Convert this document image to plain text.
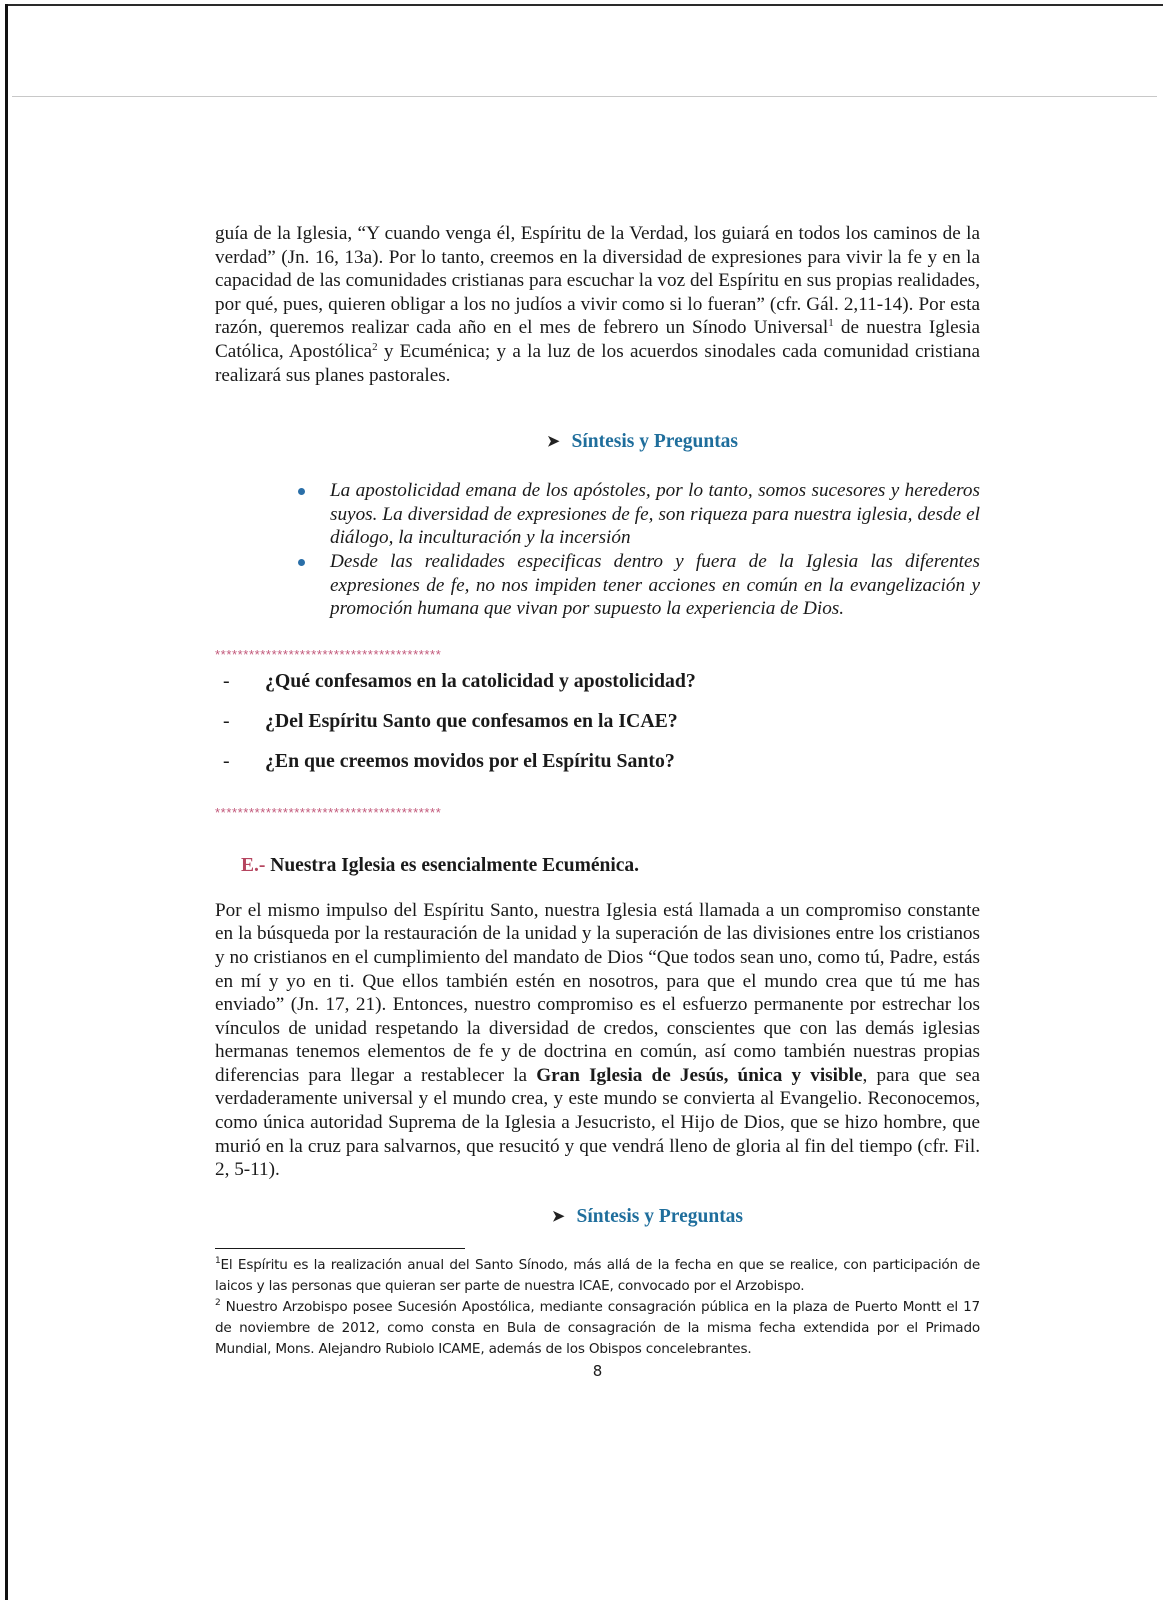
guía de la Iglesia, “Y cuando venga él, Espíritu de la Verdad, los guiará en todos los caminos de la verdad” (Jn. 16, 13a). Por lo tanto, creemos en la diversidad de expresiones para vivir la fe y en la capacidad de las comunidades cristianas para escuchar la voz del Espíritu en sus propias realidades, por qué, pues, quieren obligar a los no judíos a vivir como si lo fueran” (cfr. Gál. 2,11-14). Por esta razón, queremos realizar cada año en el mes de febrero un Sínodo Universal$^1$ de nuestra Iglesia Católica, Apostólica$^2$ y Ecuménica; y a la luz de los acuerdos sinodales cada comunidad cristiana realizará sus planes pastorales.

➤ Síntesis y Preguntas

La apostolicidad emana de los apóstoles, por lo tanto, somos sucesores y herederos suyos. La diversidad de expresiones de fe, son riqueza para nuestra iglesia, desde el diálogo, la inculturación y la incersión
Desde las realidades especificas dentro y fuera de la Iglesia las diferentes expresiones de fe, no nos impiden tener acciones en común en la evangelización y promoción humana que vivan por supuesto la experiencia de Dios.

****************************************

-	¿Qué confesamos en la catolicidad y apostolicidad?
-	¿Del Espíritu Santo que confesamos en la ICAE?
-	¿En que creemos movidos por el Espíritu Santo?

****************************************

E.- Nuestra Iglesia es esencialmente Ecuménica.

Por el mismo impulso del Espíritu Santo, nuestra Iglesia está llamada a un compromiso constante en la búsqueda por la restauración de la unidad y la superación de las divisiones entre los cristianos y no cristianos en el cumplimiento del mandato de Dios “Que todos sean uno, como tú, Padre, estás en mí y yo en ti. Que ellos también estén en nosotros, para que el mundo crea que tú me has enviado” (Jn. 17, 21). Entonces, nuestro compromiso es el esfuerzo permanente por estrechar los vínculos de unidad respetando la diversidad de credos, conscientes que con las demás iglesias hermanas tenemos elementos de fe y de doctrina en común, así como también nuestras propias diferencias para llegar a restablecer la Gran Iglesia de Jesús, única y visible, para que sea verdaderamente universal y el mundo crea, y este mundo se convierta al Evangelio. Reconocemos, como única autoridad Suprema de la Iglesia a Jesucristo, el Hijo de Dios, que se hizo hombre, que murió en la cruz para salvarnos, que resucitó y que vendrá lleno de gloria al fin del tiempo (cfr. Fil. 2, 5-11).

➤ Síntesis y Preguntas

$^1$El Espíritu es la realización anual del Santo Sínodo, más allá de la fecha en que se realice, con participación de laicos y las personas que quieran ser parte de nuestra ICAE, convocado por el Arzobispo.

$^2$ Nuestro Arzobispo posee Sucesión Apostólica, mediante consagración pública en la plaza de Puerto Montt el 17 de noviembre de 2012, como consta en Bula de consagración de la misma fecha extendida por el Primado Mundial, Mons. Alejandro Rubiolo ICAME, además de los Obispos concelebrantes.

8
